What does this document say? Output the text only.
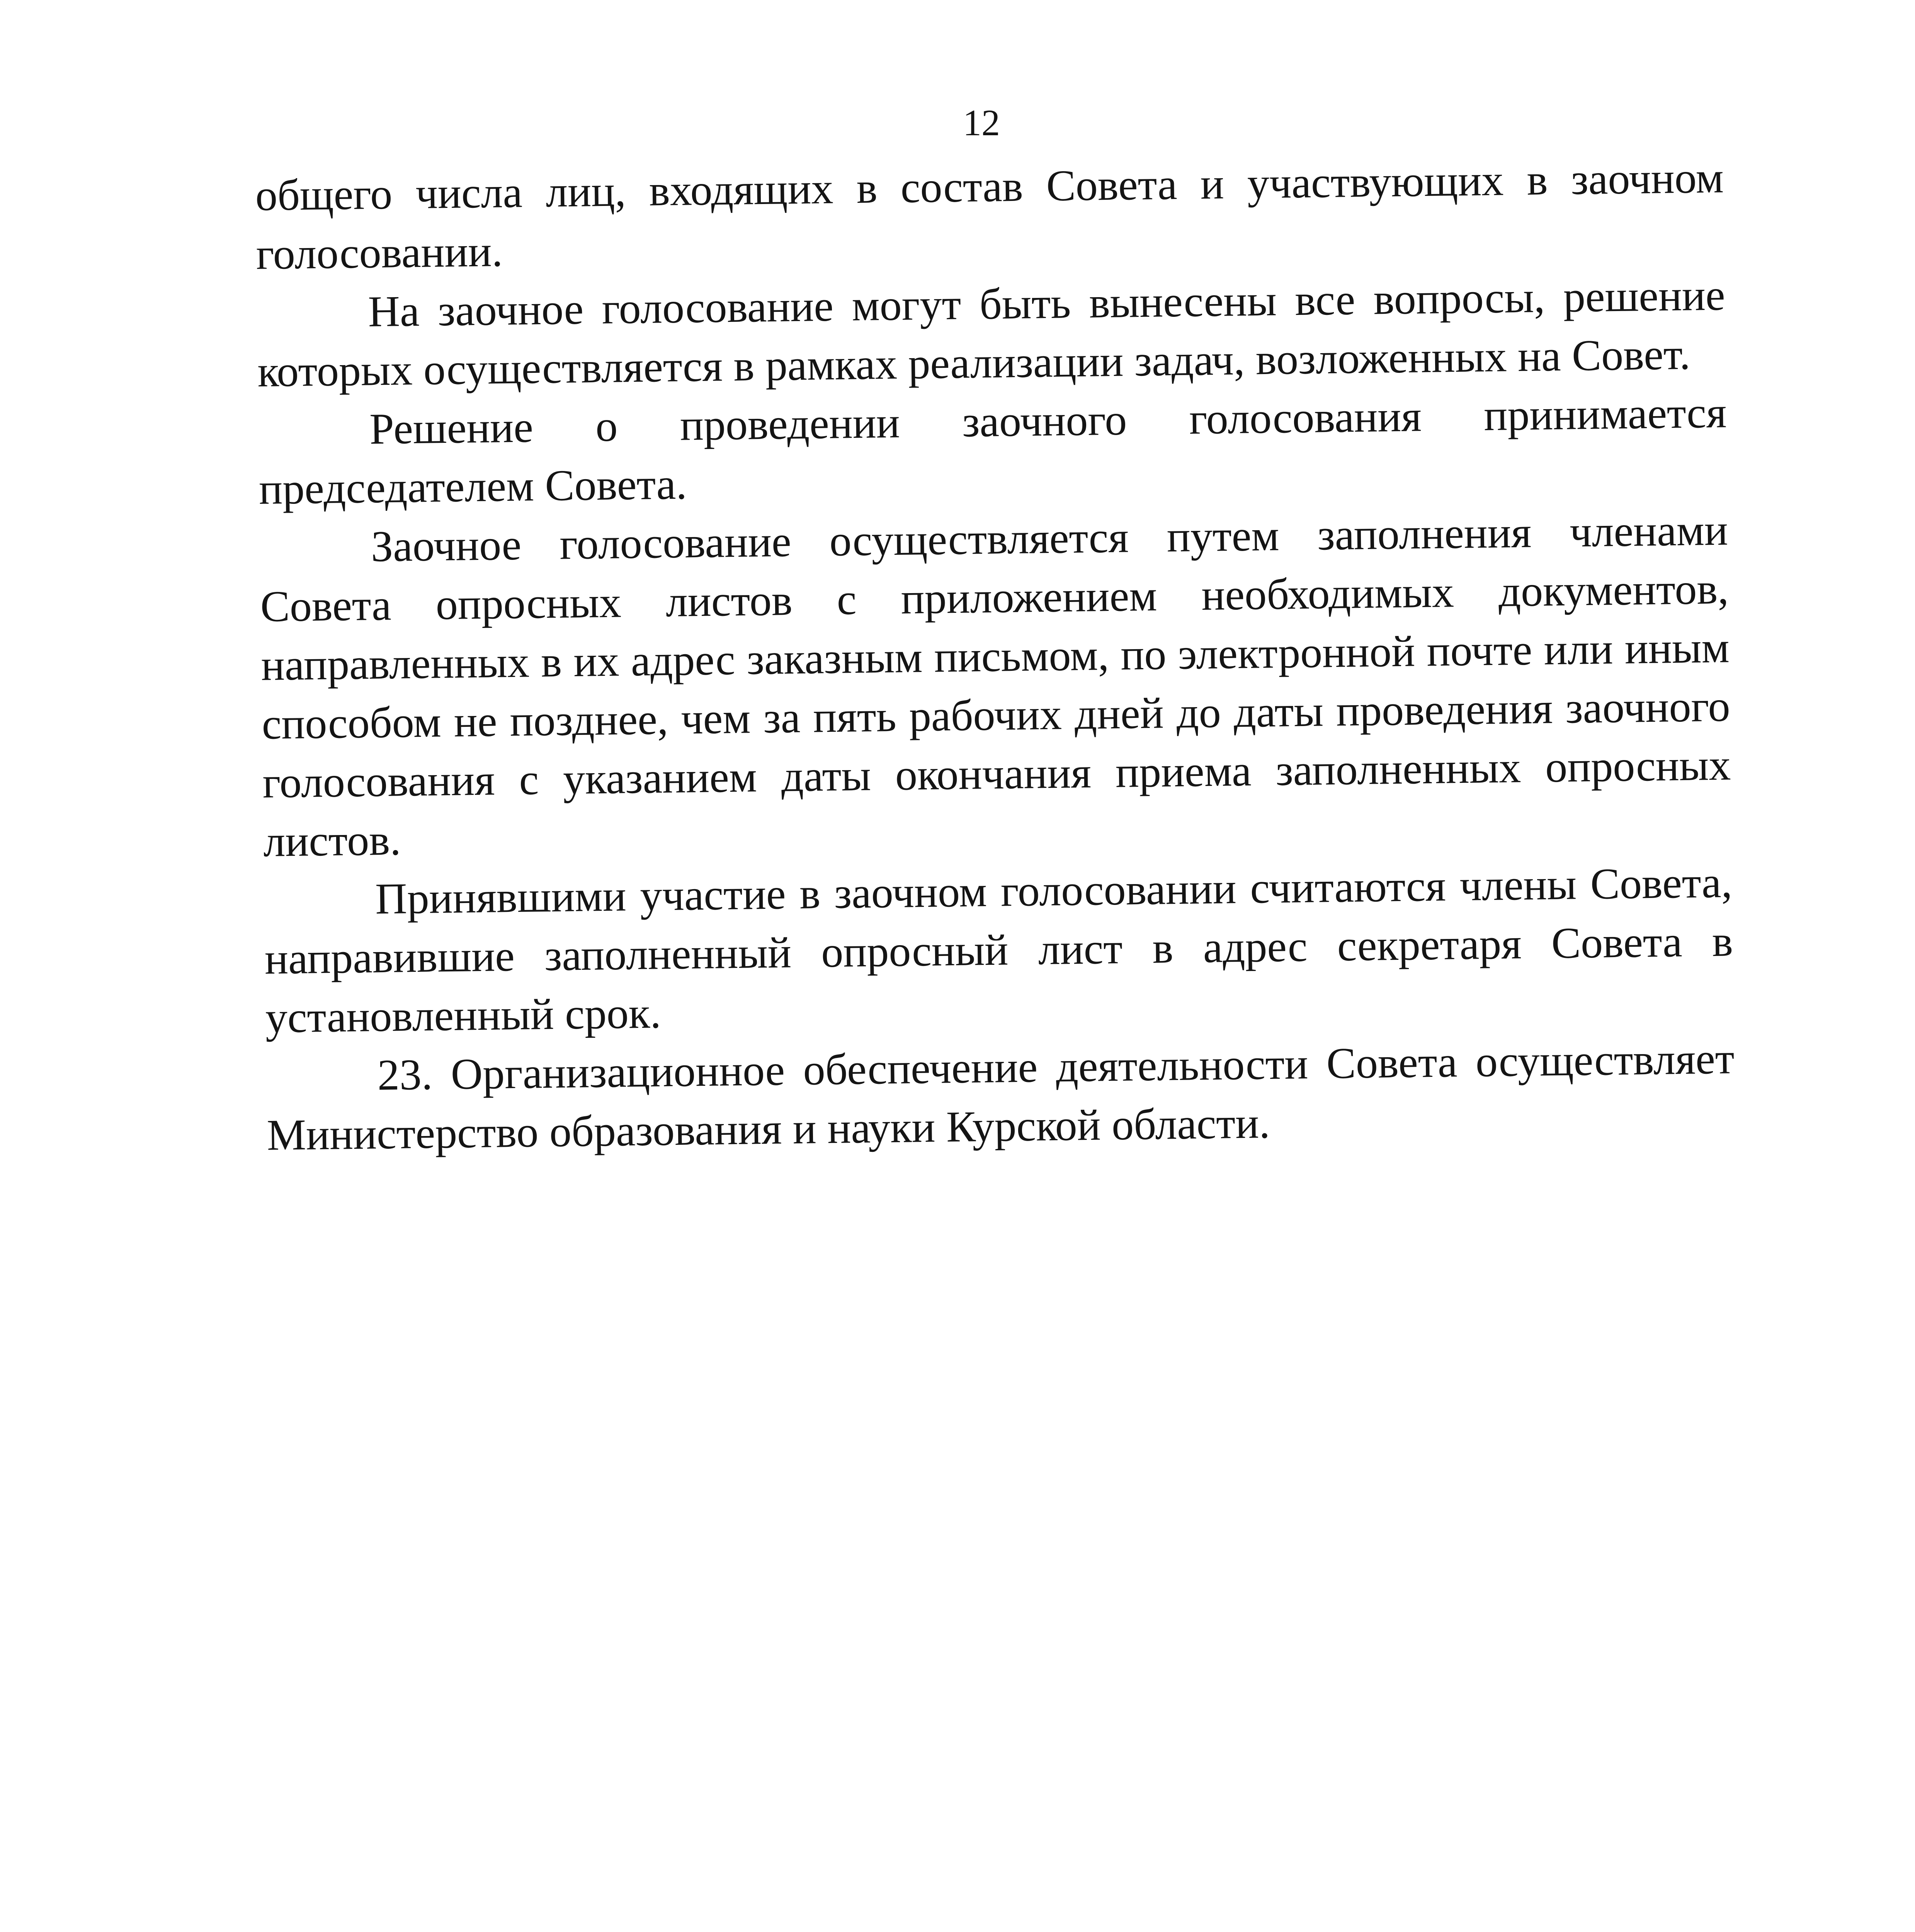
12

общего числа лиц, входящих в состав Совета и участвующих в заочном голосовании.

На заочное голосование могут быть вынесены все вопросы, решение которых осуществляется в рамках реализации задач, возложенных на Совет.

Решение о проведении заочного голосования принимается председателем Совета.

Заочное голосование осуществляется путем заполнения членами Совета опросных листов с приложением необходимых документов, направленных в их адрес заказным письмом, по электронной почте или иным способом не позднее, чем за пять рабочих дней до даты проведения заочного голосования с указанием даты окончания приема заполненных опросных листов.

Принявшими участие в заочном голосовании считаются члены Совета, направившие заполненный опросный лист в адрес секретаря Совета в установленный срок.

23. Организационное обеспечение деятельности Совета осуществляет Министерство образования и науки Курской области.
